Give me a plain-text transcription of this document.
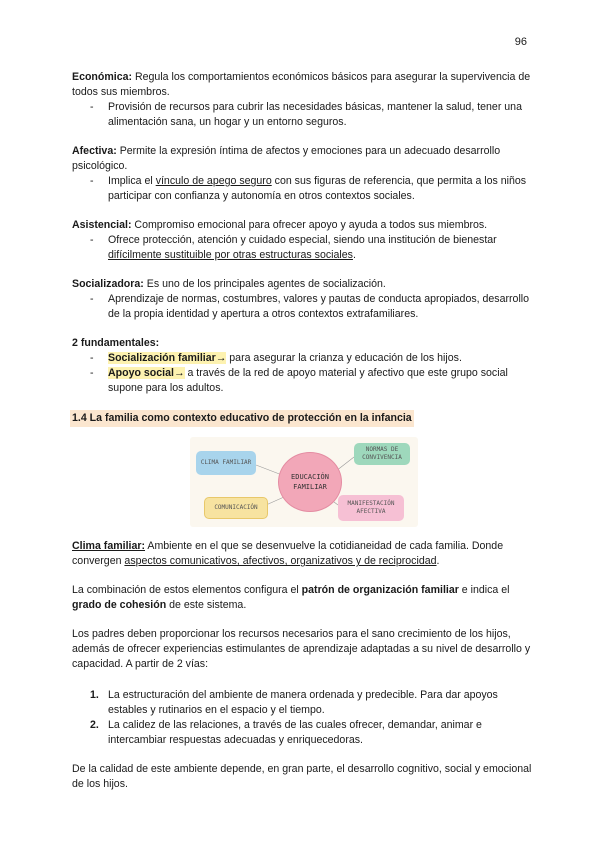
96

Económica: Regula los comportamientos económicos básicos para asegurar la supervivencia de todos sus miembros.

- Provisión de recursos para cubrir las necesidades básicas, mantener la salud, tener una alimentación sana, un hogar y un entorno seguros.

Afectiva: Permite la expresión íntima de afectos y emociones para un adecuado desarrollo psicológico.

- Implica el vínculo de apego seguro con sus figuras de referencia, que permita a los niños participar con confianza y autonomía en otros contextos sociales.

Asistencial: Compromiso emocional para ofrecer apoyo y ayuda a todos sus miembros.

- Ofrece protección, atención y cuidado especial, siendo una institución de bienestar difícilmente sustituible por otras estructuras sociales.

Socializadora: Es uno de los principales agentes de socialización.

- Aprendizaje de normas, costumbres, valores y pautas de conducta apropiados, desarrollo de la propia identidad y apertura a otros contextos extrafamiliares.

2 fundamentales:

- Socialización familiar→ para asegurar la crianza y educación de los hijos.
- Apoyo social→ a través de la red de apoyo material y afectivo que este grupo social supone para los adultos.
1.4 La familia como contexto educativo de protección en la infancia
CLIMA FAMILIAR
NORMAS DE CONVIVENCIA
EDUCACIÓN FAMILIAR
COMUNICACIÓN
MANIFESTACIÓN AFECTIVA

Clima familiar: Ambiente en el que se desenvuelve la cotidianeidad de cada familia. Donde convergen aspectos comunicativos, afectivos, organizativos y de reciprocidad.

La combinación de estos elementos configura el patrón de organización familiar e indica el grado de cohesión de este sistema.

Los padres deben proporcionar los recursos necesarios para el sano crecimiento de los hijos, además de ofrecer experiencias estimulantes de aprendizaje adaptadas a su nivel de desarrollo y capacidad. A partir de 2 vías:

1. La estructuración del ambiente de manera ordenada y predecible. Para dar apoyos estables y rutinarios en el espacio y el tiempo.
2. La calidez de las relaciones, a través de las cuales ofrecer, demandar, animar e intercambiar respuestas adecuadas y enriquecedoras.

De la calidad de este ambiente depende, en gran parte, el desarrollo cognitivo, social y emocional de los hijos.
